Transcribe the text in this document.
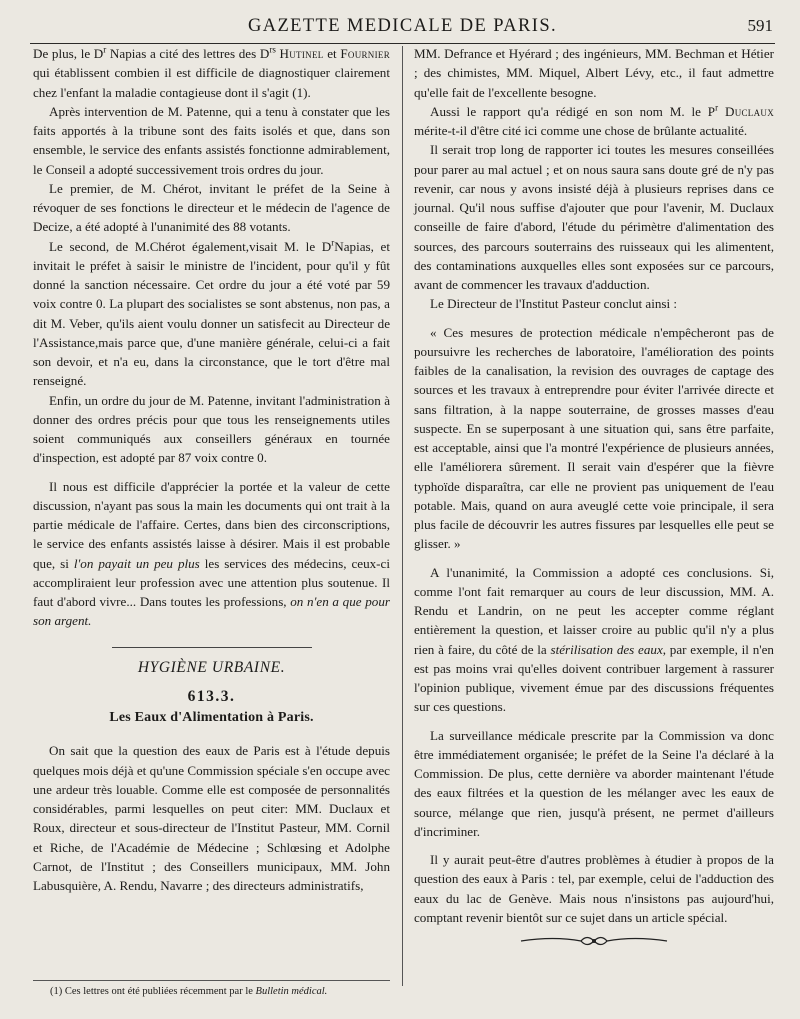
GAZETTE MEDICALE DE PARIS.	591

De plus, le $D^r$ Napias a cité des lettres des $D^{rs}$ Hutinel et Fournier qui établissent combien il est difficile de diagnostiquer clairement chez l'enfant la maladie contagieuse dont il s'agit (1).

Après intervention de M. Patenne, qui a tenu à constater que les faits apportés à la tribune sont des faits isolés et que, dans son ensemble, le service des enfants assistés fonctionne admirablement, le Conseil a adopté successivement trois ordres du jour.

Le premier, de M. Chérot, invitant le préfet de la Seine à révoquer de ses fonctions le directeur et le médecin de l'agence de Decize, a été adopté à l'unanimité des 88 votants.

Le second, de M.Chérot également,visait M. le $D^rNapias$, et invitait le préfet à saisir le ministre de l'incident, pour qu'il y fût donné la sanction nécessaire. Cet ordre du jour a été voté par 59 voix contre 0. La plupart des socialistes se sont abstenus, non pas, a dit M. Veber, qu'ils aient voulu donner un satisfecit au Directeur de l'Assistance,mais parce que, d'une manière générale, celui-ci a fait son devoir, et n'a eu, dans la circonstance, que le tort d'être mal renseigné.

Enfin, un ordre du jour de M. Patenne, invitant l'administration à donner des ordres précis pour que tous les renseignements utiles soient communiqués aux conseillers généraux en tournée d'inspection, est adopté par 87 voix contre 0.

Il nous est difficile d'apprécier la portée et la valeur de cette discussion, n'ayant pas sous la main les documents qui ont trait à la partie médicale de l'affaire. Certes, dans bien des circonscriptions, le service des enfants assistés laisse à désirer. Mais il est probable que, si l'on payait un peu plus les services des médecins, ceux-ci accompliraient leur profession avec une attention plus soutenue. Il faut d'abord vivre... Dans toutes les professions, on n'en a que pour son argent.

HYGIÈNE URBAINE.
613.3.
Les Eaux d'Alimentation à Paris.

On sait que la question des eaux de Paris est à l'étude depuis quelques mois déjà et qu'une Commission spéciale s'en occupe avec une ardeur très louable. Comme elle est composée de personnalités considérables, parmi lesquelles on peut citer: MM. Duclaux et Roux, directeur et sous-directeur de l'Institut Pasteur, MM. Cornil et Riche, de l'Académie de Médecine ; Schlœsing et Adolphe Carnot, de l'Institut ; des Conseillers municipaux, MM. John Labusquière, A. Rendu, Navarre ; des directeurs administratifs,

MM. Defrance et Hyérard ; des ingénieurs, MM. Bechman et Hétier ; des chimistes, MM. Miquel, Albert Lévy, etc., il faut admettre qu'elle fait de l'excellente besogne.

Aussi le rapport qu'a rédigé en son nom M. le $P^r$ Duclaux mérite-t-il d'être cité ici comme une chose de brûlante actualité.

Il serait trop long de rapporter ici toutes les mesures conseillées pour parer au mal actuel ; et on nous saura sans doute gré de n'y pas revenir, car nous y avons insisté déjà à plusieurs reprises dans ce journal. Qu'il nous suffise d'ajouter que pour l'avenir, M. Duclaux conseille de faire d'abord, l'étude du périmètre d'alimentation des sources, des parcours souterrains des ruisseaux qui les alimentent, des contaminations auxquelles elles sont exposées sur ce parcours, avant de commencer les travaux d'adduction.

Le Directeur de l'Institut Pasteur conclut ainsi :

« Ces mesures de protection médicale n'empêcheront pas de poursuivre les recherches de laboratoire, l'amélioration des points faibles de la canalisation, la revision des ouvrages de captage des sources et les travaux à entreprendre pour éviter l'arrivée directe et sans filtration, à la nappe souterraine, de grosses masses d'eau suspecte. En se superposant à une situation qui, sans être parfaite, est acceptable, ainsi que l'a montré l'expérience de plusieurs années, elle l'améliorera sûrement. Il serait vain d'espérer que la fièvre typhoïde disparaîtra, car elle ne provient pas uniquement de l'eau potable. Mais, quand on aura aveuglé cette voie principale, il sera plus facile de découvrir les autres fissures par lesquelles elle peut se glisser. »

A l'unanimité, la Commission a adopté ces conclusions. Si, comme l'ont fait remarquer au cours de leur discussion, MM. A. Rendu et Landrin, on ne peut les accepter comme réglant entièrement la question, et laisser croire au public qu'il n'y a plus rien à faire, du côté de la stérilisation des eaux, par exemple, il n'en est pas moins vrai qu'elles doivent contribuer largement à rassurer l'opinion publique, vivement émue par des discussions fréquentes sur ces questions.

La surveillance médicale prescrite par la Commission va donc être immédiatement organisée; le préfet de la Seine l'a déclaré à la Commission. De plus, cette dernière va aborder maintenant l'étude des eaux filtrées et la question de les mélanger avec les eaux de source, mélange que rien, jusqu'à présent, ne permet d'ailleurs d'incriminer.

Il y aurait peut-être d'autres problèmes à étudier à propos de la question des eaux à Paris : tel, par exemple, celui de l'adduction des eaux du lac de Genève. Mais nous n'insistons pas aujourd'hui, comptant revenir bientôt sur ce sujet dans un article spécial.

(1) Ces lettres ont été publiées récemment par le Bulletin médical.
